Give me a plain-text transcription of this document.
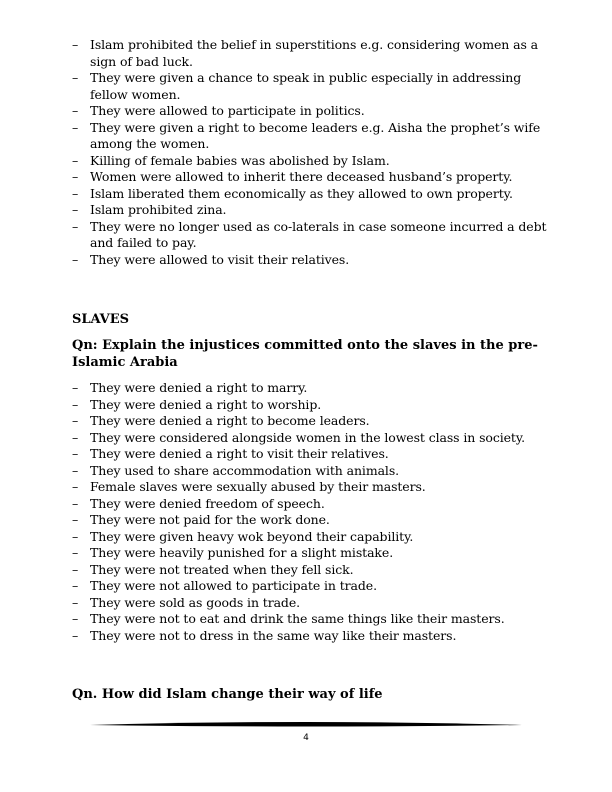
– Islam prohibited the belief in superstitions e.g. considering women as a sign of bad luck.
– They were given a chance to speak in public especially in addressing fellow women.
– They were allowed to participate in politics.
– They were given a right to become leaders e.g. Aisha the prophet’s wife among the women.
– Killing of female babies was abolished by Islam.
– Women were allowed to inherit there deceased husband’s property.
– Islam liberated them economically as they allowed to own property.
– Islam prohibited zina.
– They were no longer used as co-laterals in case someone incurred a debt and failed to pay.
– They were allowed to visit their relatives.
SLAVES
Qn: Explain the injustices committed onto the slaves in the pre-Islamic Arabia
– They were denied a right to marry.
– They were denied a right to worship.
– They were denied a right to become leaders.
– They were considered alongside women in the lowest class in society.
– They were denied a right to visit their relatives.
– They used to share accommodation with animals.
– Female slaves were sexually abused by their masters.
– They were denied freedom of speech.
– They were not paid for the work done.
– They were given heavy wok beyond their capability.
– They were heavily punished for a slight mistake.
– They were not treated when they fell sick.
– They were not allowed to participate in trade.
– They were sold as goods in trade.
– They were not to eat and drink the same things like their masters.
– They were not to dress in the same way like their masters.
Qn. How did Islam change their way of life
4
